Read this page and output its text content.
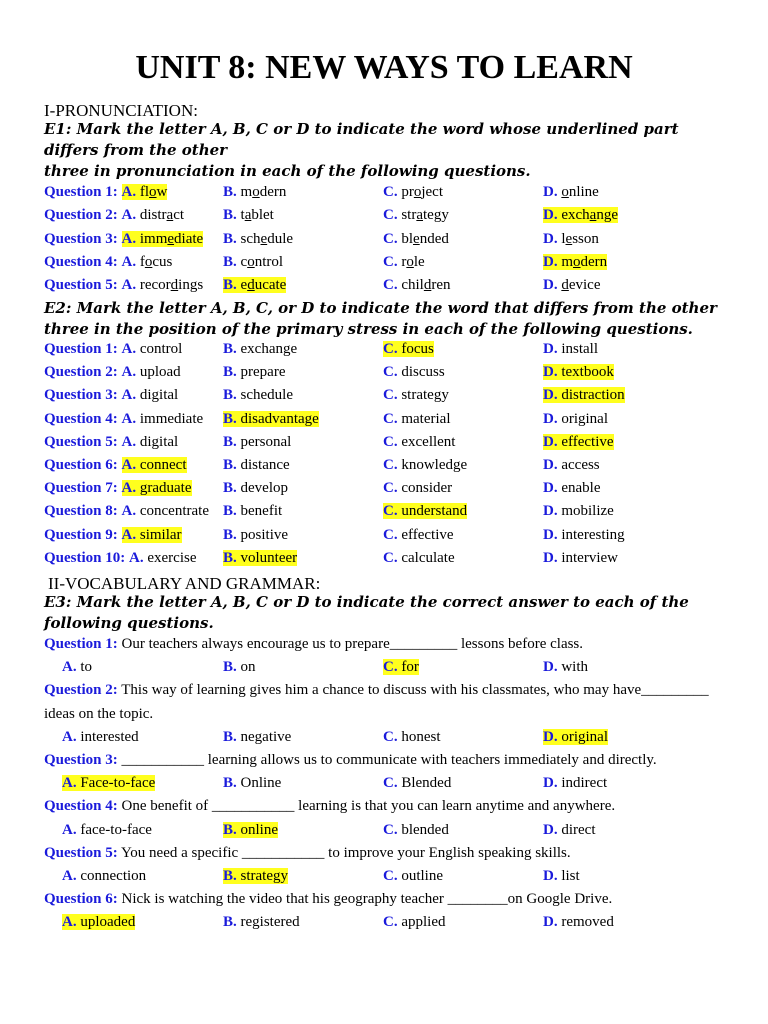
UNIT 8: NEW WAYS TO LEARN
I-PRONUNCIATION:
E1: Mark the letter A, B, C or D to indicate the word whose underlined part
differs from the other
three in pronunciation in each of the following questions.
Question 1: A. flow	B. modern	C. project	D. online
Question 2: A. distract	B. tablet	C. strategy	D. exchange
Question 3: A. immediate B. schedule	C. blended	D. lesson
Question 4: A. focus	B. control	C. role	D. modern
Question 5: A. recordings B. educate	C. children	D. device
E2: Mark the letter A, B, C, or D to indicate the word that differs from the other
three in the position of the primary stress in each of the following questions.
Question 1: A. control	B. exchange	C. focus	D. install
Question 2: A. upload	B. prepare	C. discuss	D. textbook
Question 3: A. digital	B. schedule	C. strategy	D. distraction
Question 4: A. immediate B. disadvantage	C. material	D. original
Question 5: A. digital	B. personal	C. excellent	D. effective
Question 6: A. connect B. distance	C. knowledge	D. access
Question 7: A. graduate B. develop	C. consider	D. enable
Question 8: A. concentrate B. benefit	C. understand	D. mobilize
Question 9: A. similar	B. positive	C. effective	D. interesting
Question 10: A. exercise B. volunteer	C. calculate	D. interview
II-VOCABULARY AND GRAMMAR:
E3: Mark the letter A, B, C or D to indicate the correct answer to each of the
following questions.
Question 1: Our teachers always encourage us to prepare_________ lessons before class.
A. to	B. on	C. for	D. with
Question 2: This way of learning gives him a chance to discuss with his classmates, who may have_________
ideas on the topic.
A. interested	B. negative	C. honest	D. original
Question 3: ___________ learning allows us to communicate with teachers immediately and directly.
A. Face-to-face	B. Online	C. Blended	D. indirect
Question 4: One benefit of ___________ learning is that you can learn anytime and anywhere.
A. face-to-face	B. online	C. blended	D. direct
Question 5: You need a specific ___________ to improve your English speaking skills.
A. connection	B. strategy	C. outline	D. list
Question 6: Nick is watching the video that his geography teacher ________on Google Drive.
A. uploaded	B. registered	C. applied	D. removed
